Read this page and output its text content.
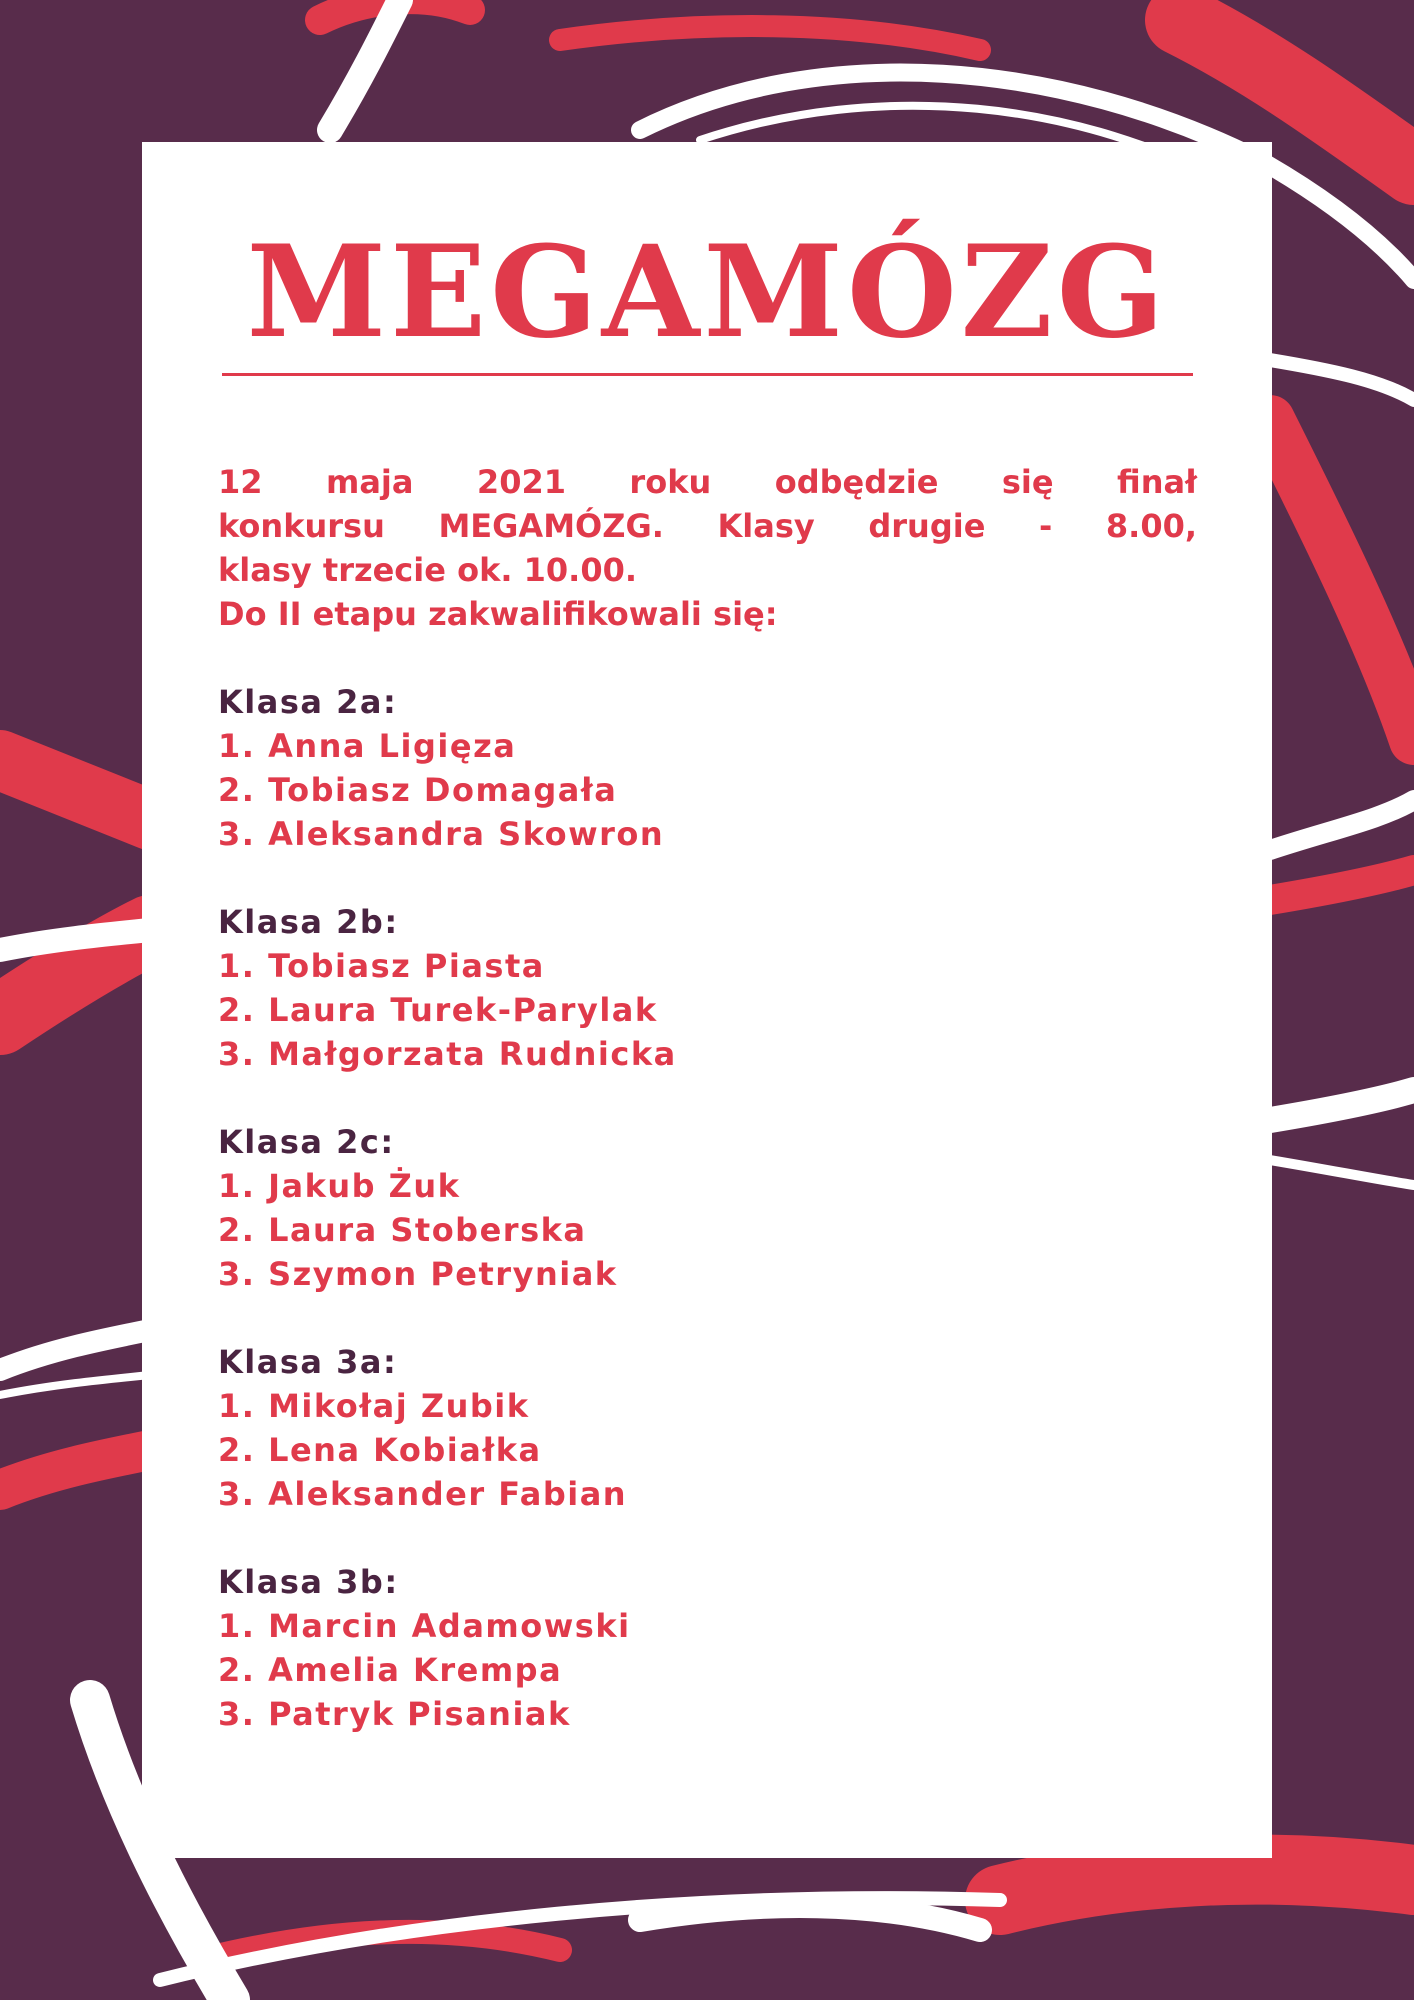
MEGAMÓZG
12 maja 2021 roku odbędzie się finał
konkursu MEGAMÓZG. Klasy drugie - 8.00,
klasy trzecie ok. 10.00.
Do II etapu zakwalifikowali się:
Klasa 2a:
1. Anna Ligięza
2. Tobiasz Domagała
3. Aleksandra Skowron
Klasa 2b:
1. Tobiasz Piasta
2. Laura Turek-Parylak
3. Małgorzata Rudnicka
Klasa 2c:
1. Jakub Żuk
2. Laura Stoberska
3. Szymon Petryniak
Klasa 3a:
1. Mikołaj Zubik
2. Lena Kobiałka
3. Aleksander Fabian
Klasa 3b:
1. Marcin Adamowski
2. Amelia Krempa
3. Patryk Pisaniak
